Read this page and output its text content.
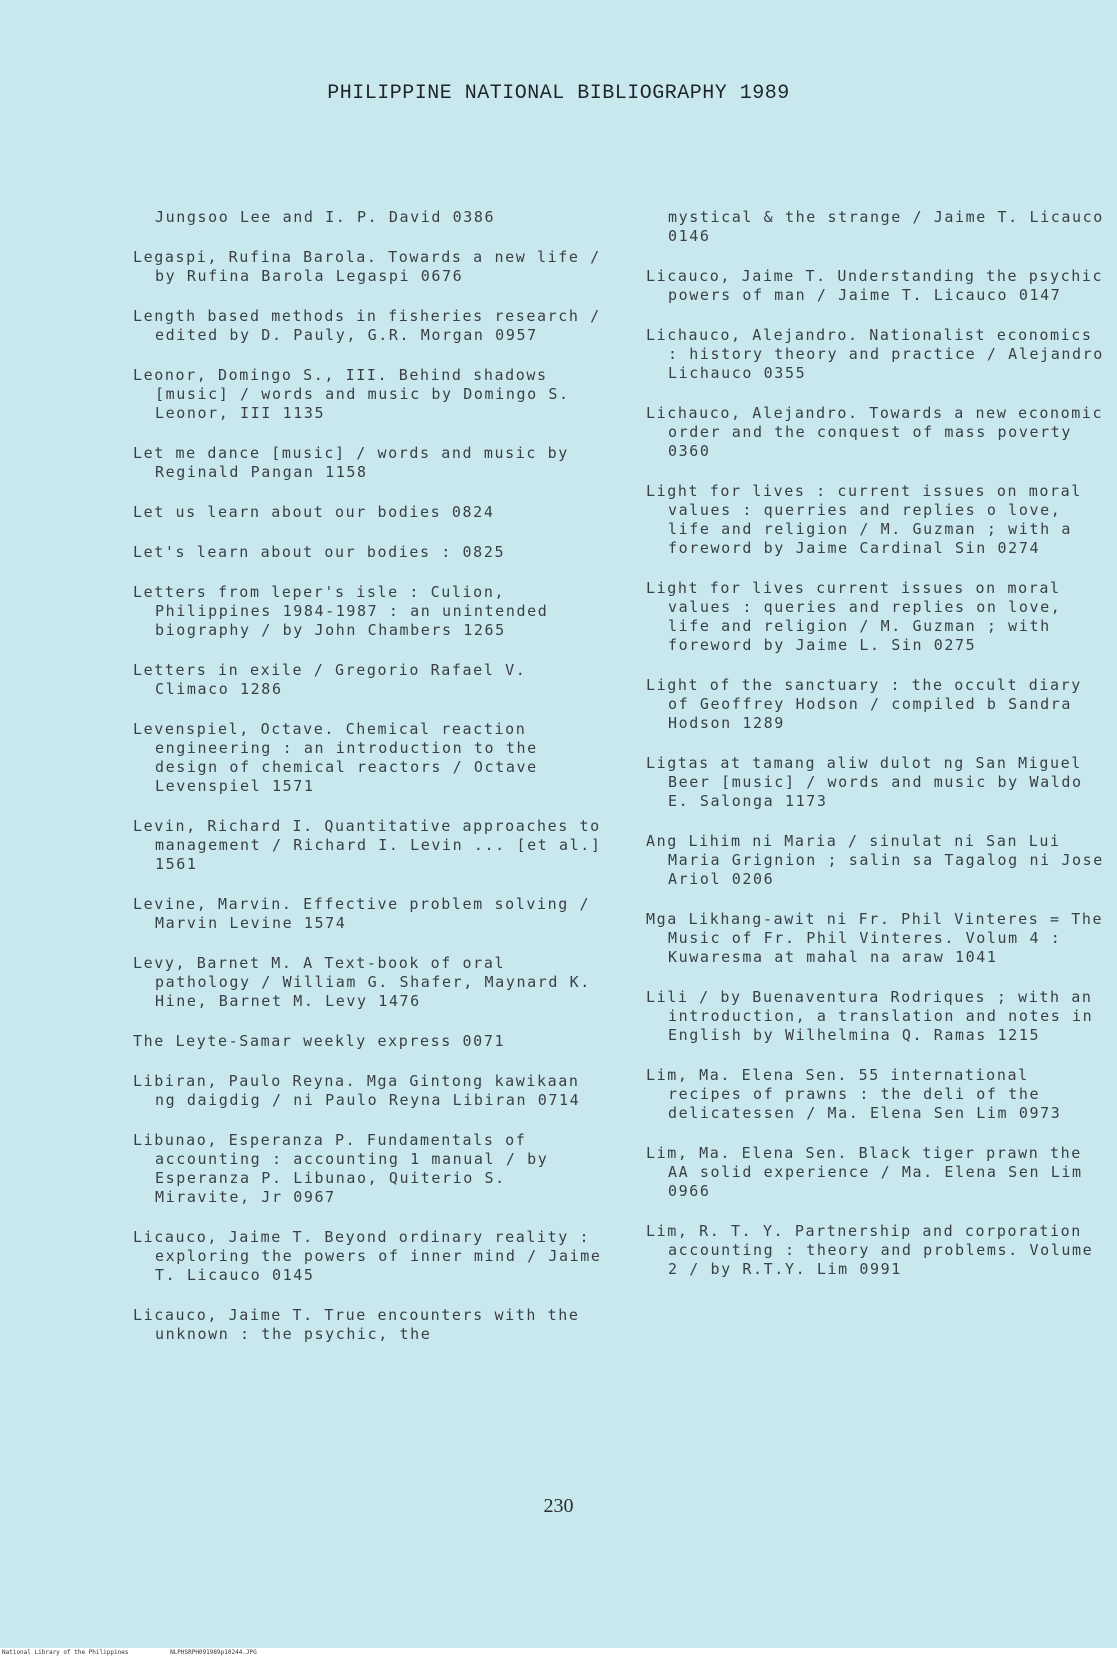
PHILIPPINE NATIONAL BIBLIOGRAPHY 1989

Jungsoo Lee and I. P. David 0386

Legaspi, Rufina Barola. Towards a new life / by Rufina Barola Legaspi 0676

Length based methods in fisheries research / edited by D. Pauly, G.R. Morgan 0957

Leonor, Domingo S., III. Behind shadows [music] / words and music by Domingo S. Leonor, III 1135

Let me dance [music] / words and music by Reginald Pangan 1158

Let us learn about our bodies 0824

Let's learn about our bodies : 0825

Letters from leper's isle : Culion, Philippines 1984-1987 : an unintended biography / by John Chambers 1265

Letters in exile / Gregorio Rafael V. Climaco 1286

Levenspiel, Octave. Chemical reaction engineering : an introduction to the design of chemical reactors / Octave Levenspiel 1571

Levin, Richard I. Quantitative approaches to management / Richard I. Levin ... [et al.] 1561

Levine, Marvin. Effective problem solving / Marvin Levine 1574

Levy, Barnet M. A Text-book of oral pathology / William G. Shafer, Maynard K. Hine, Barnet M. Levy 1476

The Leyte-Samar weekly express 0071

Libiran, Paulo Reyna. Mga Gintong kawikaan ng daigdig / ni Paulo Reyna Libiran 0714

Libunao, Esperanza P. Fundamentals of accounting : accounting 1 manual / by Esperanza P. Libunao, Quiterio S. Miravite, Jr 0967

Licauco, Jaime T. Beyond ordinary reality : exploring the powers of inner mind / Jaime T. Licauco 0145

Licauco, Jaime T. True encounters with the unknown : the psychic, the

mystical & the strange / Jaime T. Licauco 0146

Licauco, Jaime T. Understanding the psychic powers of man / Jaime T. Licauco 0147

Lichauco, Alejandro. Nationalist economics : history theory and practice / Alejandro Lichauco 0355

Lichauco, Alejandro. Towards a new economic order and the conquest of mass poverty 0360

Light for lives : current issues on moral values : querries and replies o love, life and religion / M. Guzman ; with a foreword by Jaime Cardinal Sin 0274

Light for lives current issues on moral values : queries and replies on love, life and religion / M. Guzman ; with foreword by Jaime L. Sin 0275

Light of the sanctuary : the occult diary of Geoffrey Hodson / compiled b Sandra Hodson 1289

Ligtas at tamang aliw dulot ng San Miguel Beer [music] / words and music by Waldo E. Salonga 1173

Ang Lihim ni Maria / sinulat ni San Lui Maria Grignion ; salin sa Tagalog ni Jose Ariol 0206

Mga Likhang-awit ni Fr. Phil Vinteres = The Music of Fr. Phil Vinteres. Volum 4 : Kuwaresma at mahal na araw 1041

Lili / by Buenaventura Rodriques ; with an introduction, a translation and notes in English by Wilhelmina Q. Ramas 1215

Lim, Ma. Elena Sen. 55 international recipes of prawns : the deli of the delicatessen / Ma. Elena Sen Lim 0973

Lim, Ma. Elena Sen. Black tiger prawn the AA solid experience / Ma. Elena Sen Lim 0966

Lim, R. T. Y. Partnership and corporation accounting : theory and problems. Volume 2 / by R.T.Y. Lim 0991

230
National Library of the Philippines	NLPHSRPH091989p10244.JPG
